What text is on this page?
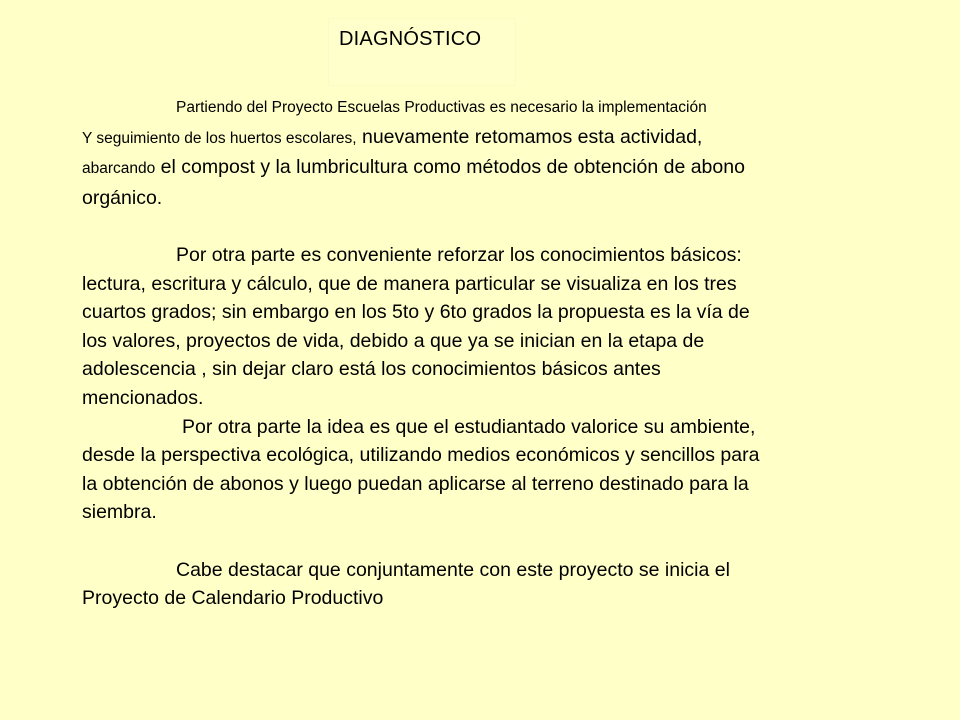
DIAGNÓSTICO

Partiendo del Proyecto Escuelas Productivas es necesario la implementación
Y seguimiento de los huertos escolares, nuevamente retomamos esta actividad,
abarcando el compost y la lumbricultura como métodos de obtención de abono
orgánico.

Por otra parte es conveniente reforzar los conocimientos básicos:
lectura, escritura y cálculo, que de manera particular se visualiza en los tres
cuartos grados; sin embargo en los 5to y 6to grados la propuesta es la vía de
los valores, proyectos de vida, debido a que ya se inician en la etapa de
adolescencia , sin dejar claro está los conocimientos básicos antes
mencionados.

Por otra parte la idea es que el estudiantado valorice su ambiente,
desde la perspectiva ecológica, utilizando medios económicos y sencillos para
la obtención de abonos y luego puedan aplicarse al terreno destinado para la
siembra.

Cabe destacar que conjuntamente con este proyecto se inicia el
Proyecto de Calendario Productivo
